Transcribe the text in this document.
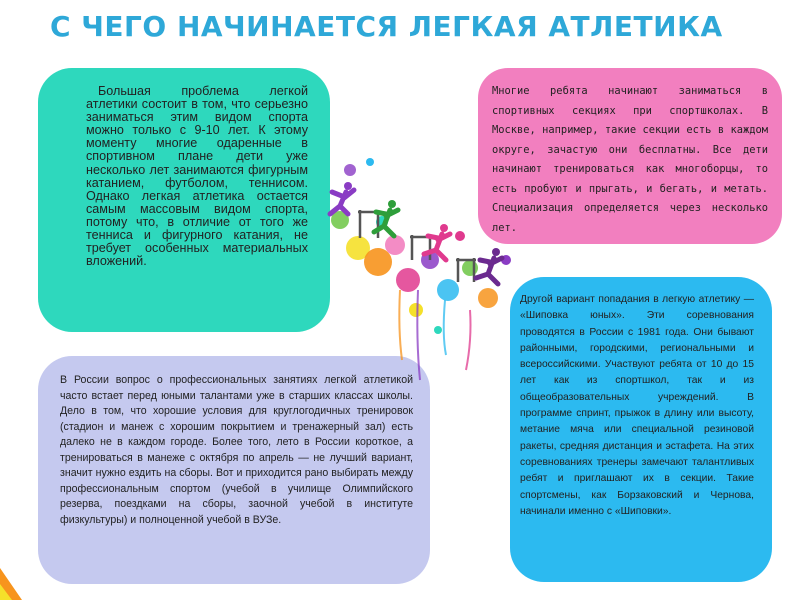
С ЧЕГО НАЧИНАЕТСЯ ЛЕГКАЯ АТЛЕТИКА
Большая проблема легкой атлетики состоит в том, что серьезно заниматься этим видом спорта можно только с 9-10 лет. К этому моменту многие одаренные в спортивном плане дети уже несколько лет занимаются фигурным катанием, футболом, теннисом. Однако легкая атлетика остается самым массовым видом спорта, потому что, в отличие от того же тенниса и фигурного катания, не требует особенных материальных вложений.
Многие ребята начинают заниматься в спортивных секциях при спортшколах. В Москве, например, такие секции есть в каждом округе, зачастую они бесплатны. Все дети начинают тренироваться как многоборцы, то есть пробуют и прыгать, и бегать, и метать. Специализация определяется через несколько лет.
Другой вариант попадания в легкую атлетику — «Шиповка юных». Эти соревнования проводятся в России с 1981 года. Они бывают районными, городскими, региональными и всероссийскими. Участвуют ребята от 10 до 15 лет как из спортшкол, так и из общеобразовательных учреждений. В программе спринт, прыжок в длину или высоту, метание мяча или специальной резиновой ракеты, средняя дистанция и эстафета. На этих соревнованиях тренеры замечают талантливых ребят и приглашают их в секции. Такие спортсмены, как Борзаковский и Чернова, начинали именно с «Шиповки».
В России вопрос о профессиональных занятиях легкой атлетикой часто встает перед юными талантами уже в старших классах школы. Дело в том, что хорошие условия для круглогодичных тренировок (стадион и манеж с хорошим покрытием и тренажерный зал) есть далеко не в каждом городе. Более того, лето в России короткое, а тренироваться в манеже с октября по апрель — не лучший вариант, значит нужно ездить на сборы. Вот и приходится рано выбирать между профессиональным спортом (учебой в училище Олимпийского резерва, поездками на сборы, заочной учебой в институте физкультуры) и полноценной учебой в ВУЗе.
